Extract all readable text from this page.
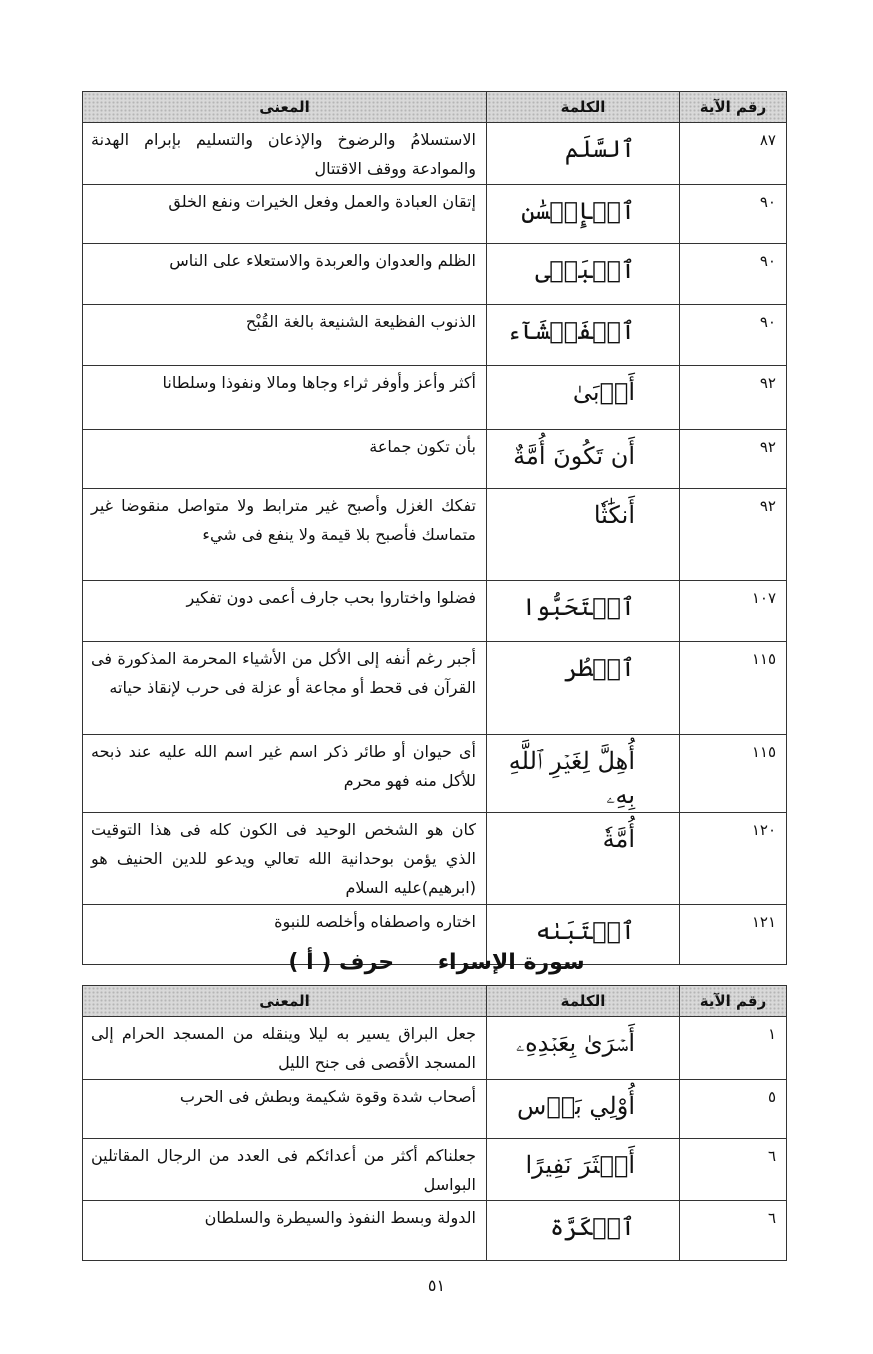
رقم الآية	الكلمة	المعنى
٨٧	ٱلسَّلَم	الاستسلامُ والرضوخ والإذعان والتسليم بإبرام الهدنة والموادعة ووقف الاقتتال
٩٠	ٱلۡإِحۡسَٰن	إتقان العبادة والعمل وفعل الخيرات ونفع الخلق
٩٠	ٱلۡبَغۡى	الظلم والعدوان والعربدة والاستعلاء على الناس
٩٠	ٱلۡفَحۡشَآء	الذنوب الفظيعة الشنيعة بالغة القُبْح
٩٢	أَرۡبَىٰ	أكثر وأعز وأوفر ثراء وجاها ومالا ونفوذا وسلطانا
٩٢	أَن تَكُونَ أُمَّةٌ	بأن تكون جماعة
٩٢	أَنكَٰثٗا	تفكك الغزل وأصبح غير مترابط ولا متواصل منقوضا غير متماسك فأصبح بلا قيمة ولا ينفع فى شيء
١٠٧	ٱسۡتَحَبُّوا	فضلوا واختاروا بحب جارف أعمى دون تفكير
١١٥	ٱضۡطُر	أجبر رغم أنفه إلى الأكل من الأشياء المحرمة المذكورة فى القرآن فى قحط أو مجاعة أو عزلة فى حرب لإنقاذ حياته
١١٥	أُهِلَّ لِغَيۡرِ ٱللَّهِ بِهِۦ	أى حيوان أو طائر ذكر اسم غير اسم الله عليه عند ذبحه للأكل منه فهو محرم
١٢٠	أُمَّةٗ	كان هو الشخص الوحيد فى الكون كله فى هذا التوقيت الذي يؤمن بوحدانية الله تعالي ويدعو للدين الحنيف هو (ابرهيم)عليه السلام
١٢١	ٱجۡتَبَىٰه	اختاره واصطفاه وأخلصه للنبوة
سورة الإسراء حرف ( أ )
رقم الآية	الكلمة	المعنى
١	أَسۡرَىٰ بِعَبۡدِهِۦ	جعل البراق يسير به ليلا وينقله من المسجد الحرام إلى المسجد الأقصى فى جنح الليل
٥	أُوْلِي بَأۡس	أصحاب شدة وقوة شكيمة وبطش فى الحرب
٦	أَكۡثَرَ نَفِيرًا	جعلناكم أكثر من أعدائكم فى العدد من الرجال المقاتلين البواسل
٦	ٱلۡكَرَّة	الدولة وبسط النفوذ والسيطرة والسلطان
٥١
